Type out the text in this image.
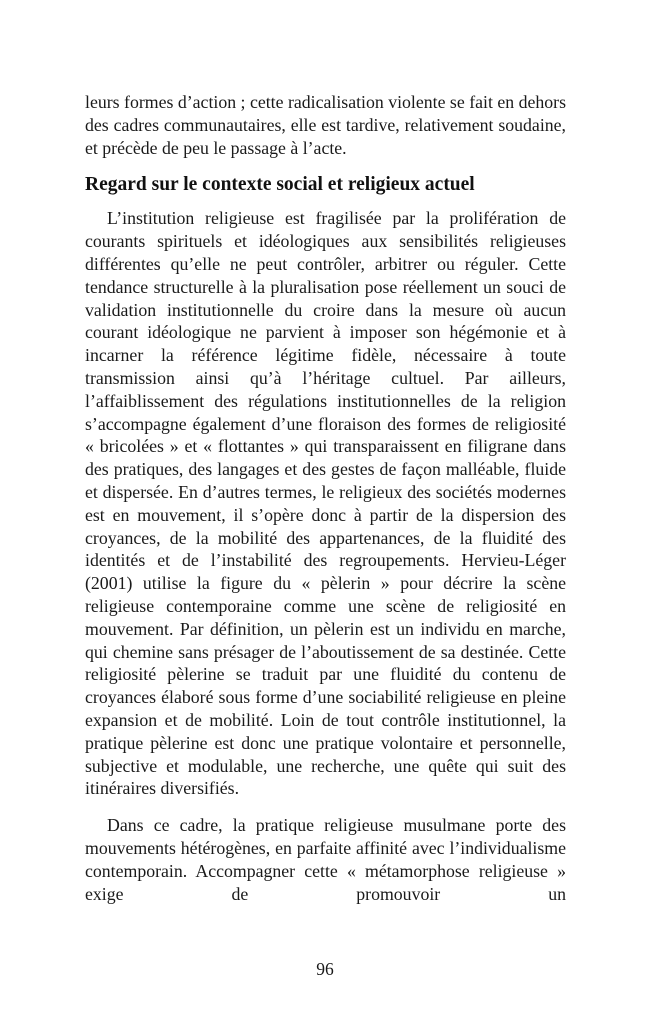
leurs formes d’action ; cette radicalisation violente se fait en dehors des cadres communautaires, elle est tardive, relativement soudaine, et précède de peu le passage à l’acte.

Regard sur le contexte social et religieux actuel

L’institution religieuse est fragilisée par la prolifération de courants spirituels et idéologiques aux sensibilités religieuses différentes qu’elle ne peut contrôler, arbitrer ou réguler. Cette tendance structurelle à la pluralisation pose réellement un souci de validation institutionnelle du croire dans la mesure où aucun courant idéologique ne parvient à imposer son hégémonie et à incarner la référence légitime fidèle, nécessaire à toute transmission ainsi qu’à l’héritage cultuel. Par ailleurs, l’affaiblissement des régulations institutionnelles de la religion s’accompagne également d’une floraison des formes de religiosité « bricolées » et « flottantes » qui transparaissent en filigrane dans des pratiques, des langages et des gestes de façon malléable, fluide et dispersée. En d’autres termes, le religieux des sociétés modernes est en mouvement, il s’opère donc à partir de la dispersion des croyances, de la mobilité des appartenances, de la fluidité des identités et de l’instabilité des regroupements. Hervieu-Léger (2001) utilise la figure du « pèlerin » pour décrire la scène religieuse contemporaine comme une scène de religiosité en mouvement. Par définition, un pèlerin est un individu en marche, qui chemine sans présager de l’aboutissement de sa destinée. Cette religiosité pèlerine se traduit par une fluidité du contenu de croyances élaboré sous forme d’une sociabilité religieuse en pleine expansion et de mobilité. Loin de tout contrôle institutionnel, la pratique pèlerine est donc une pratique volontaire et personnelle, subjective et modulable, une recherche, une quête qui suit des itinéraires diversifiés.

Dans ce cadre, la pratique religieuse musulmane porte des mouvements hétérogènes, en parfaite affinité avec l’individualisme contemporain. Accompagner cette « métamorphose religieuse » exige de promouvoir un

96
